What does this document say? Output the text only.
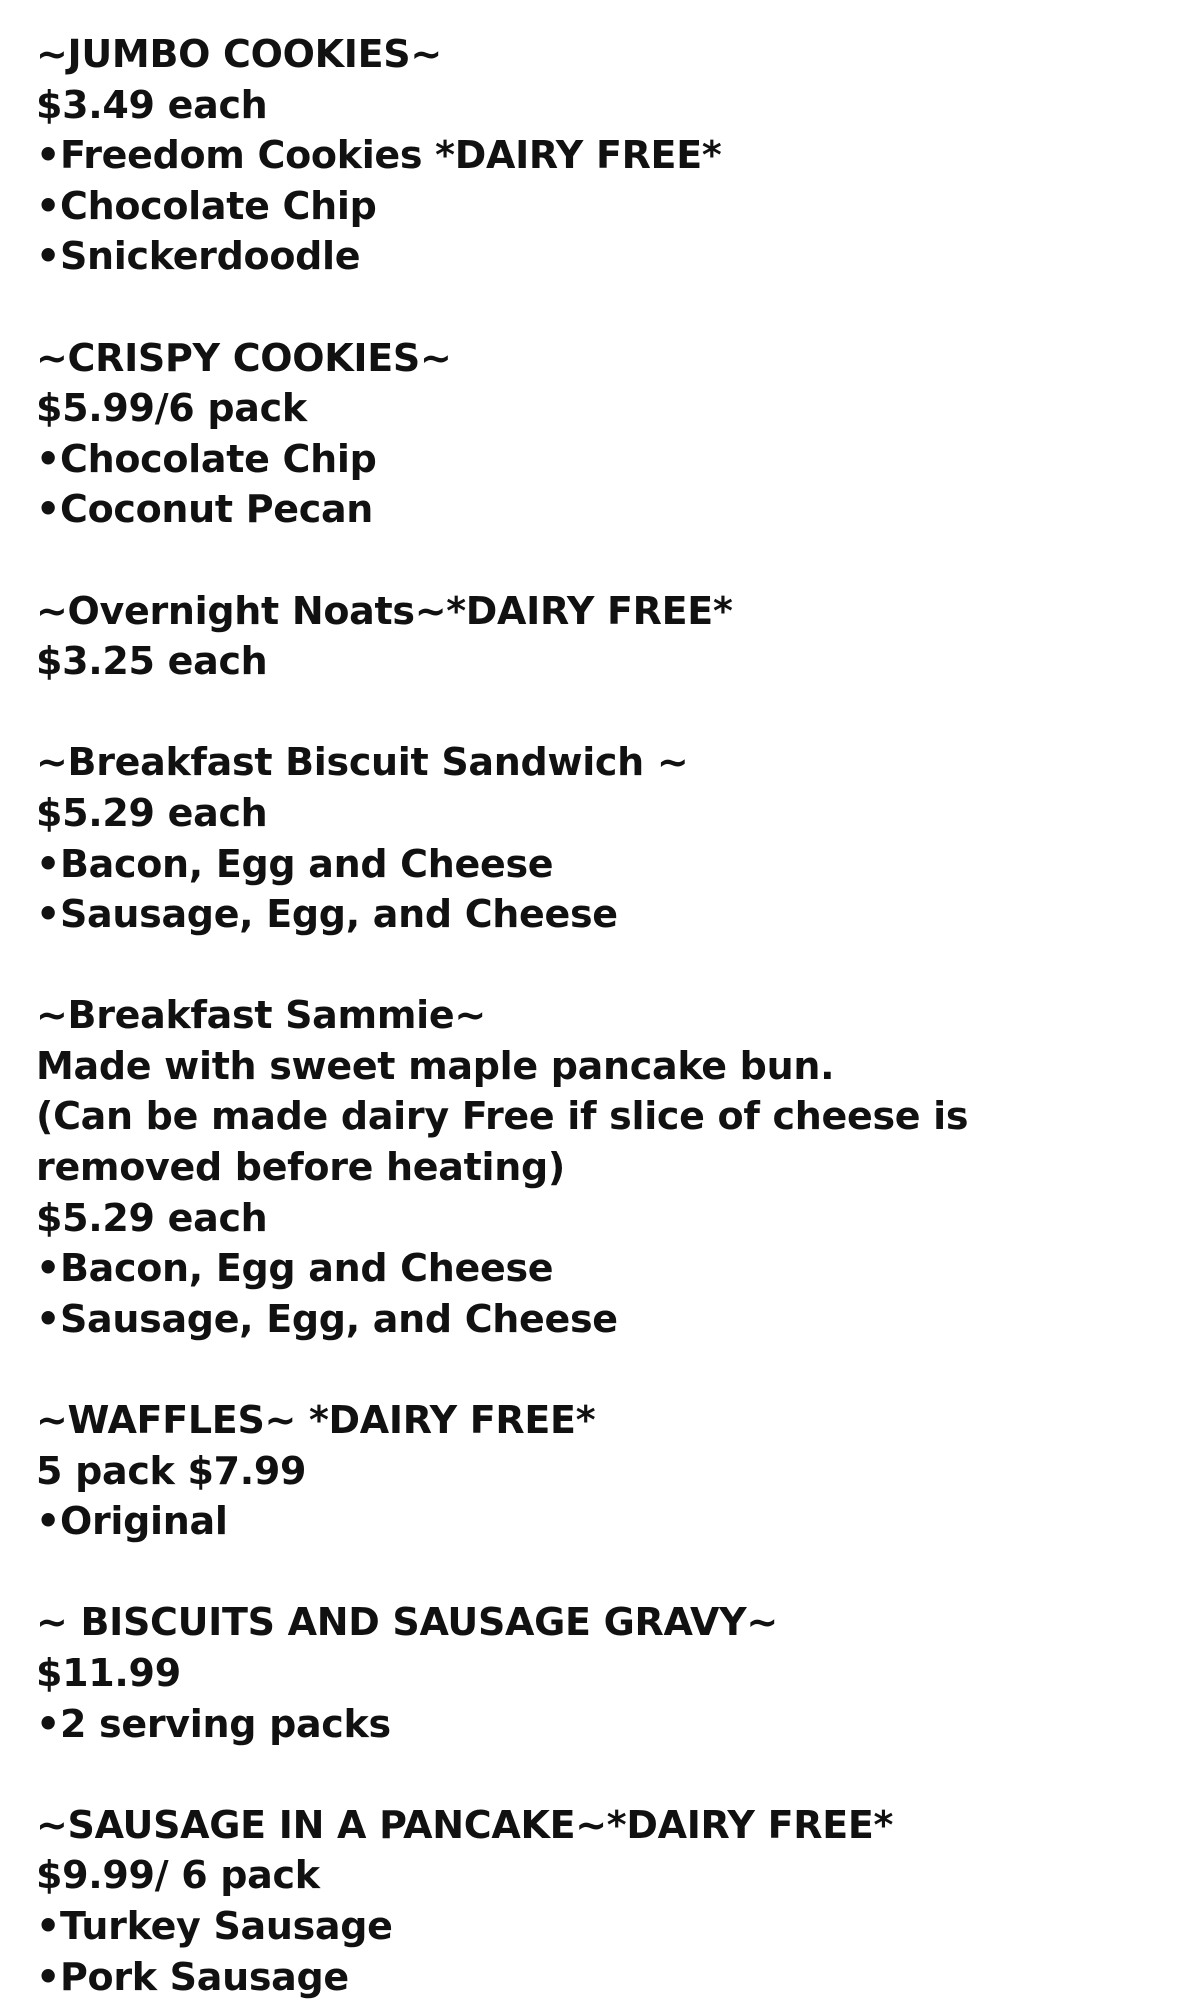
~JUMBO COOKIES~
$3.49 each
•Freedom Cookies *DAIRY FREE*
•Chocolate Chip
•Snickerdoodle
~CRISPY COOKIES~
$5.99/6 pack
•Chocolate Chip
•Coconut Pecan
~Overnight Noats~*DAIRY FREE*
$3.25 each
~Breakfast Biscuit Sandwich ~
$5.29 each
•Bacon, Egg and Cheese
•Sausage, Egg, and Cheese
~Breakfast Sammie~
Made with sweet maple pancake bun.
(Can be made dairy Free if slice of cheese is removed before heating)
$5.29 each
•Bacon, Egg and Cheese
•Sausage, Egg, and Cheese
~WAFFLES~ *DAIRY FREE*
5 pack $7.99
•Original
~ BISCUITS AND SAUSAGE GRAVY~
$11.99
•2 serving packs
~SAUSAGE IN A PANCAKE~*DAIRY FREE*
$9.99/ 6 pack
•Turkey Sausage
•Pork Sausage
